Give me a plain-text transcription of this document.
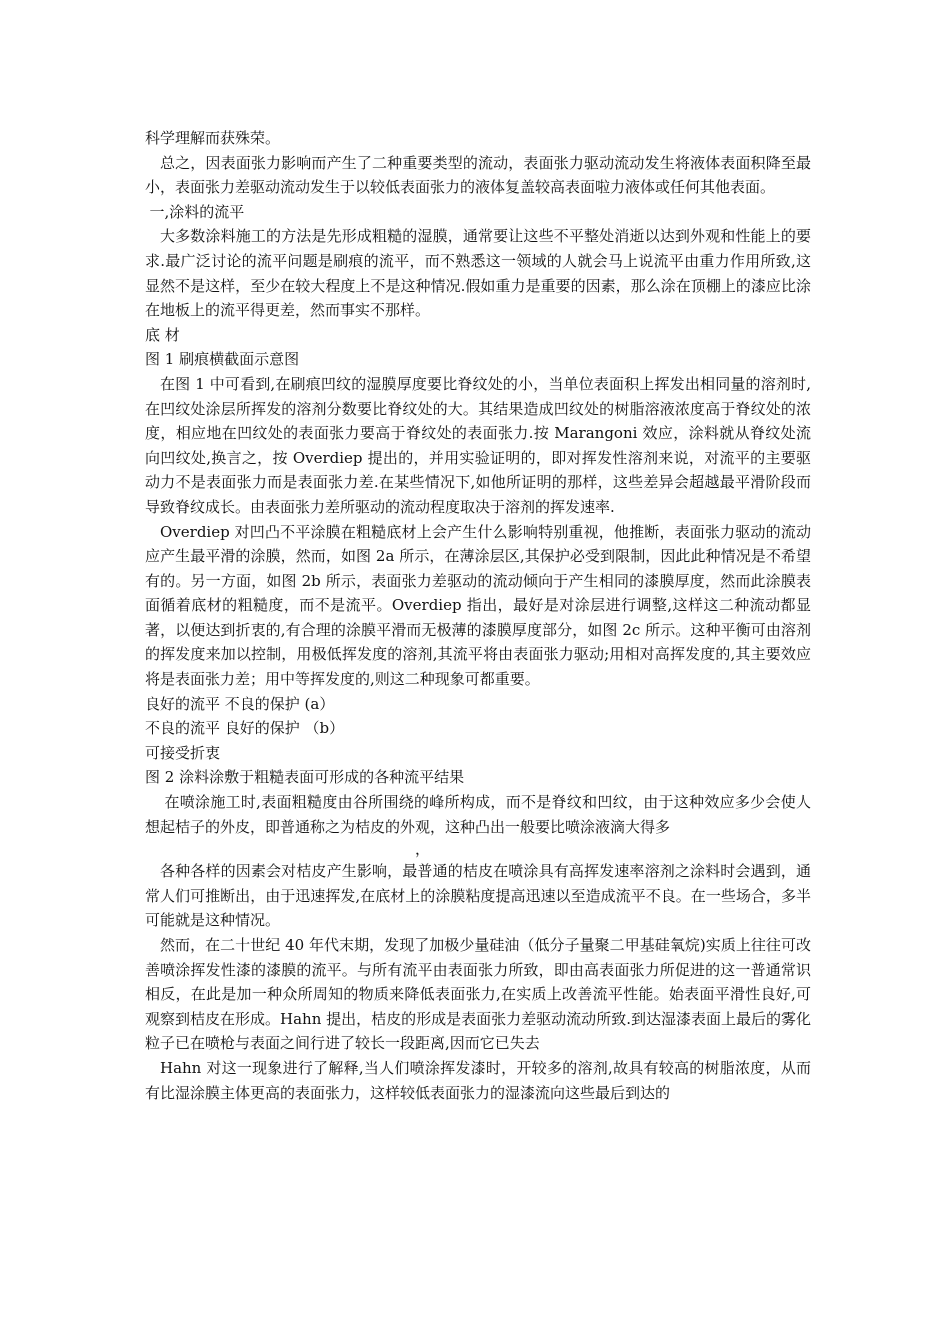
科学理解而获殊荣。

总之，因表面张力影响而产生了二种重要类型的流动，表面张力驱动流动发生将液体表面积降至最小，表面张力差驱动流动发生于以较低表面张力的液体复盖较高表面啦力液体或任何其他表面。

一,涂料的流平

大多数涂料施工的方法是先形成粗糙的湿膜，通常要让这些不平整处消逝以达到外观和性能上的要求.最广泛讨论的流平问题是刷痕的流平，而不熟悉这一领域的人就会马上说流平由重力作用所致,这显然不是这样，至少在较大程度上不是这种情况.假如重力是重要的因素，那么涂在顶棚上的漆应比涂在地板上的流平得更差，然而事实不那样。

底 材

图 1 刷痕横截面示意图

在图 1 中可看到,在刷痕凹纹的湿膜厚度要比脊纹处的小，当单位表面积上挥发出相同量的溶剂时,在凹纹处涂层所挥发的溶剂分数要比脊纹处的大。其结果造成凹纹处的树脂溶液浓度高于脊纹处的浓度，相应地在凹纹处的表面张力要高于脊纹处的表面张力.按 Marangoni 效应，涂料就从脊纹处流向凹纹处,换言之，按 Overdiep 提出的，并用实验证明的，即对挥发性溶剂来说，对流平的主要驱动力不是表面张力而是表面张力差.在某些情况下,如他所证明的那样，这些差异会超越最平滑阶段而导致脊纹成长。由表面张力差所驱动的流动程度取决于溶剂的挥发速率.

Overdiep 对凹凸不平涂膜在粗糙底材上会产生什么影响特别重视，他推断，表面张力驱动的流动应产生最平滑的涂膜，然而，如图 2a 所示，在薄涂层区,其保护必受到限制，因此此种情况是不希望有的。另一方面，如图 2b 所示，表面张力差驱动的流动倾向于产生相同的漆膜厚度，然而此涂膜表面循着底材的粗糙度，而不是流平。Overdiep 指出，最好是对涂层进行调整,这样这二种流动都显著，以便达到折衷的,有合理的涂膜平滑而无极薄的漆膜厚度部分，如图 2c 所示。这种平衡可由溶剂的挥发度来加以控制，用极低挥发度的溶剂,其流平将由表面张力驱动;用相对高挥发度的,其主要效应将是表面张力差；用中等挥发度的,则这二种现象可都重要。

良好的流平 不良的保护 (a）

不良的流平 良好的保护 （b）

可接受折衷

图 2 涂料涂敷于粗糙表面可形成的各种流平结果

在喷涂施工时,表面粗糙度由谷所围绕的峰所构成，而不是脊纹和凹纹，由于这种效应多少会使人想起桔子的外皮，即普通称之为桔皮的外观，这种凸出一般要比喷涂液滴大得多

，

各种各样的因素会对桔皮产生影响，最普通的桔皮在喷涂具有高挥发速率溶剂之涂料时会遇到，通常人们可推断出，由于迅速挥发,在底材上的涂膜粘度提高迅速以至造成流平不良。在一些场合，多半可能就是这种情况。

然而，在二十世纪 40 年代末期，发现了加极少量硅油（低分子量聚二甲基硅氧烷)实质上往往可改善喷涂挥发性漆的漆膜的流平。与所有流平由表面张力所致，即由高表面张力所促进的这一普通常识相反，在此是加一种众所周知的物质来降低表面张力,在实质上改善流平性能。始表面平滑性良好,可观察到桔皮在形成。Hahn 提出，桔皮的形成是表面张力差驱动流动所致.到达湿漆表面上最后的雾化粒子已在喷枪与表面之间行进了较长一段距离,因而它已失去

Hahn 对这一现象进行了解释,当人们喷涂挥发漆时，开较多的溶剂,故具有较高的树脂浓度，从而有比湿涂膜主体更高的表面张力，这样较低表面张力的湿漆流向这些最后到达的
